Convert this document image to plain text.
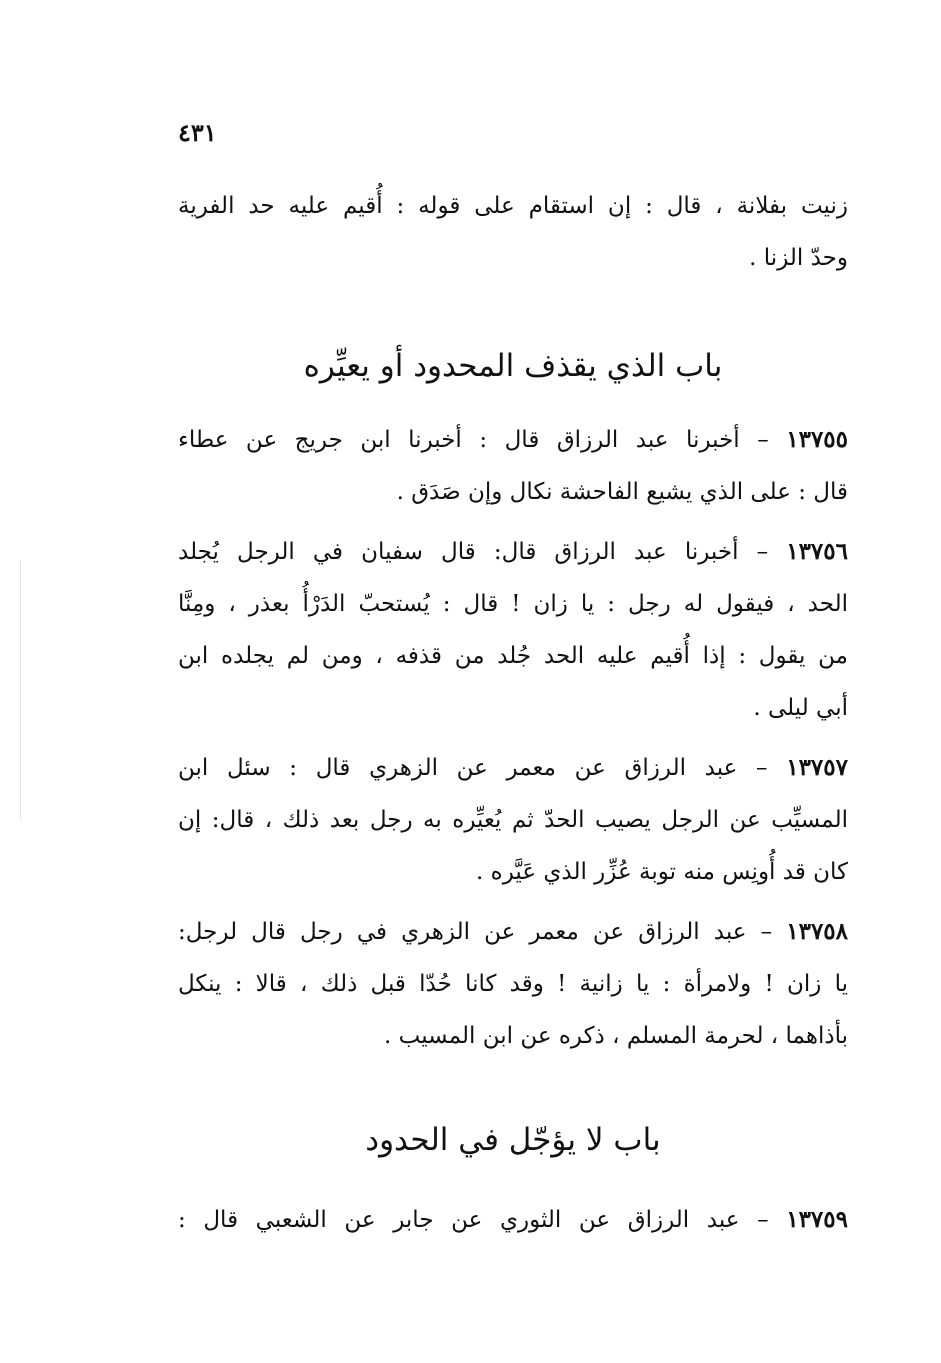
٤٣١
زنيت بفلانة ، قال : إن استقام على قوله : أُقيم عليه حد الفرية
وحدّ الزنا .
باب الذي يقذف المحدود أو يعيِّره
١٣٧٥٥ – أخبرنا عبد الرزاق قال : أخبرنا ابن جريج عن عطاء
قال : على الذي يشيع الفاحشة نكال وإن صَدَق .
١٣٧٥٦ – أخبرنا عبد الرزاق قال: قال سفيان في الرجل يُجلد
الحد ، فيقول له رجل : يا زان ! قال : يُستحبّ الدَرْأُ بعذر ، ومِنَّا
من يقول : إذا أُقيم عليه الحد جُلد من قذفه ، ومن لم يجلده ابن
أبي ليلى .
١٣٧٥٧ – عبد الرزاق عن معمر عن الزهري قال : سئل ابن
المسيِّب عن الرجل يصيب الحدّ ثم يُعيِّره به رجل بعد ذلك ، قال: إن
كان قد أُونِس منه توبة عُزِّر الذي عَيَّره .
١٣٧٥٨ – عبد الرزاق عن معمر عن الزهري في رجل قال لرجل:
يا زان ! ولامرأة : يا زانية ! وقد كانا حُدّا قبل ذلك ، قالا : ينكل
بأذاهما ، لحرمة المسلم ، ذكره عن ابن المسيب .
باب لا يؤجّل في الحدود
١٣٧٥٩ – عبد الرزاق عن الثوري عن جابر عن الشعبي قال :
